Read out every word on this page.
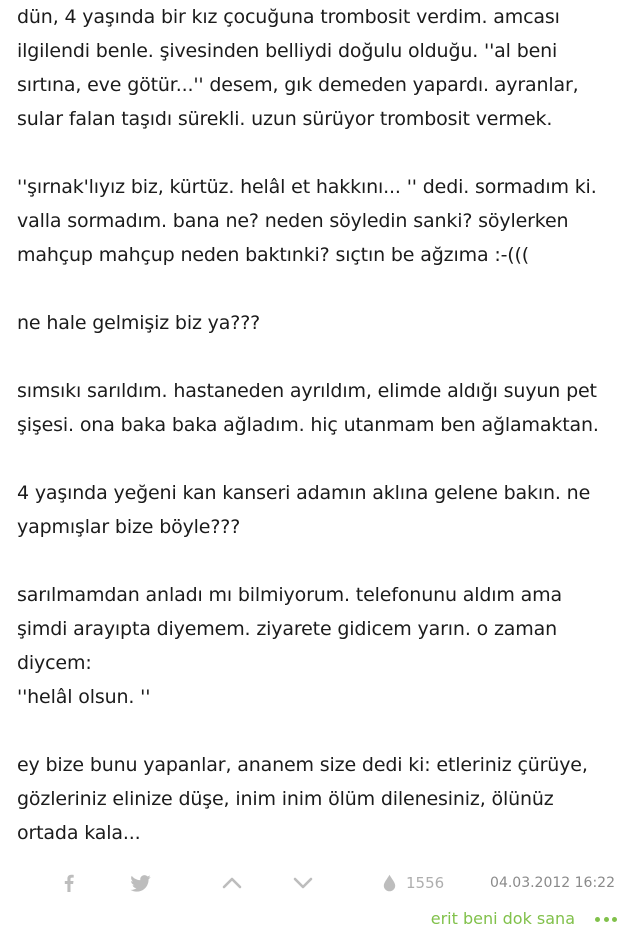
dün, 4 yaşında bir kız çocuğuna trombosit verdim. amcası
ilgilendi benle. şivesinden belliydi doğulu olduğu. ''al beni
sırtına, eve götür...'' desem, gık demeden yapardı. ayranlar,
sular falan taşıdı sürekli. uzun sürüyor trombosit vermek.
''şırnak'lıyız biz, kürtüz. helâl et hakkını... '' dedi. sormadım ki.
valla sormadım. bana ne? neden söyledin sanki? söylerken
mahçup mahçup neden baktınki? sıçtın be ağzıma :-(((
ne hale gelmişiz biz ya???
sımsıkı sarıldım. hastaneden ayrıldım, elimde aldığı suyun pet
şişesi. ona baka baka ağladım. hiç utanmam ben ağlamaktan.
4 yaşında yeğeni kan kanseri adamın aklına gelene bakın. ne
yapmışlar bize böyle???
sarılmamdan anladı mı bilmiyorum. telefonunu aldım ama
şimdi arayıpta diyemem. ziyarete gidicem yarın. o zaman
diycem:
''helâl olsun. ''
ey bize bunu yapanlar, ananem size dedi ki: etleriniz çürüye,
gözleriniz elinize düşe, inim inim ölüm dilenesiniz, ölünüz
ortada kala...
1556	04.03.2012 16:22
erit beni dok sana
